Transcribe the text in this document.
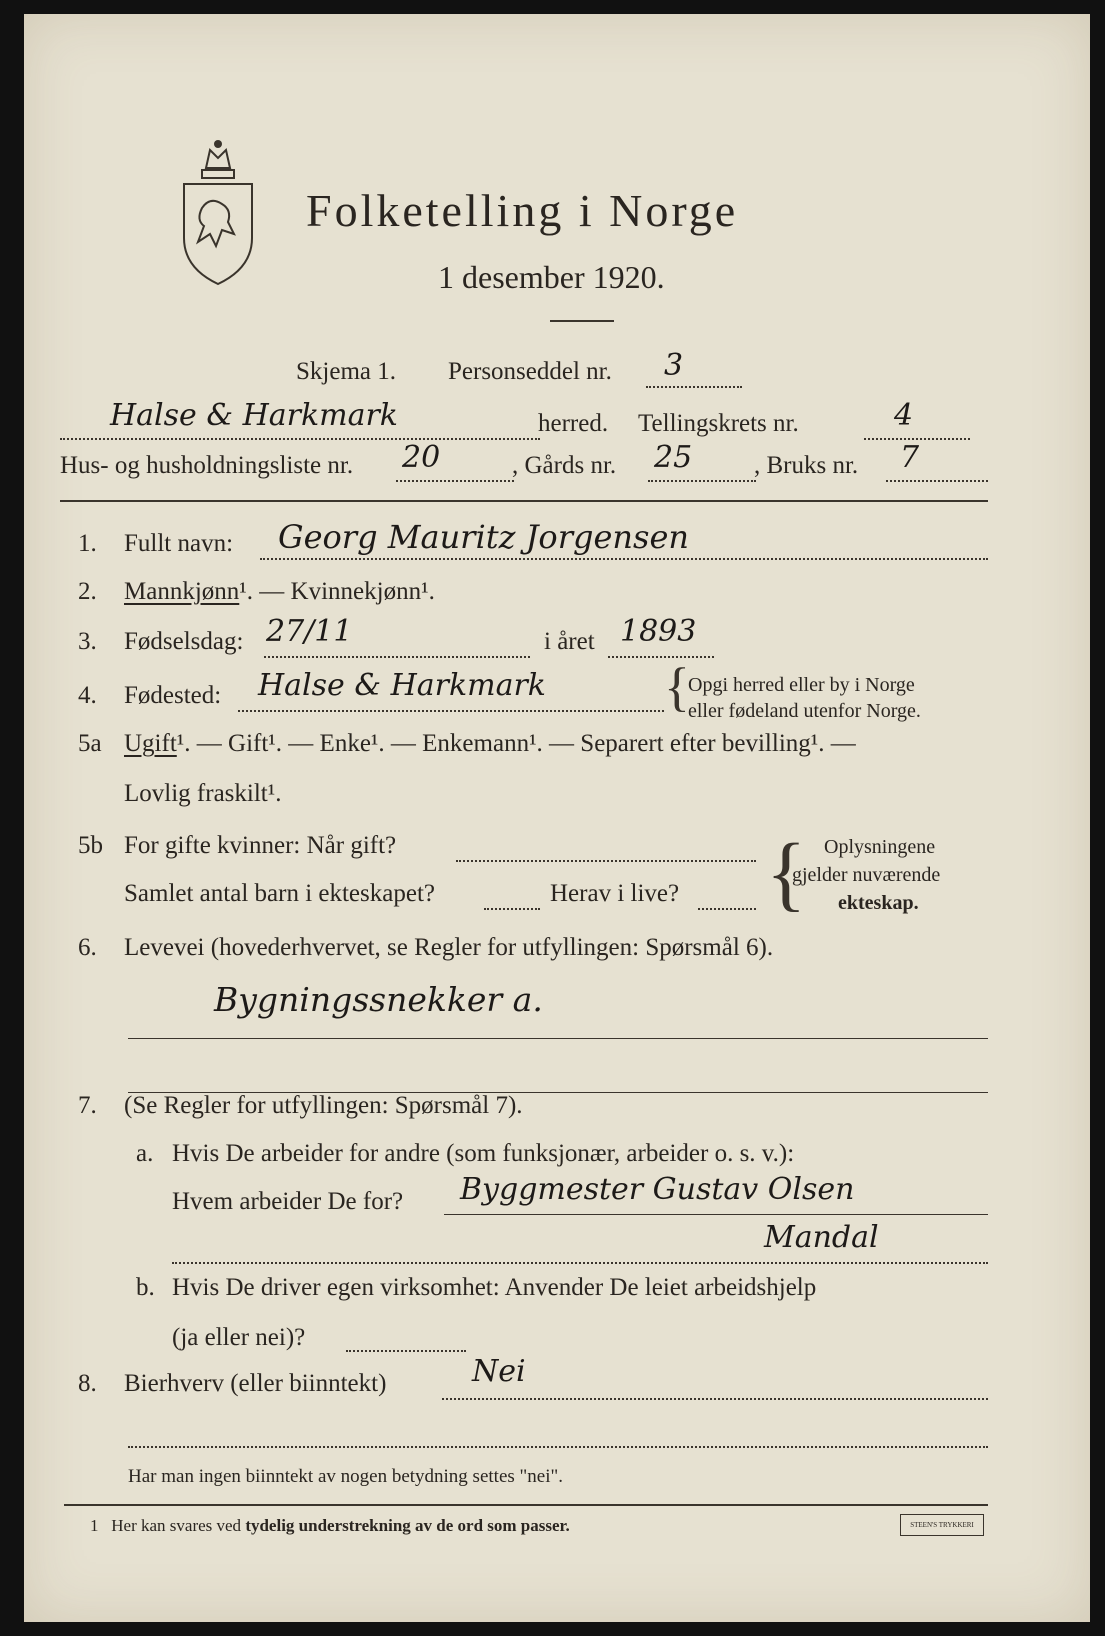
Folketelling i Norge
1 desember 1920.
Skjema 1. Personseddel nr. 3
Halse & Harkmark	herred. Tellingskrets nr.	4
Hus- og husholdningsliste nr. 20	, Gårds nr. 25 , Bruks nr. 7
1. Fullt navn: Georg Mauritz Jorgensen
2. Mannkjønn¹. — Kvinnekjønn¹.
3. Fødselsdag: 27/11	i året 1893
4. Fødested: Halse & Harkmark {
Opgi herred eller by i Norge
eller fødeland utenfor Norge.
5a Ugift¹. — Gift¹. — Enke¹. — Enkemann¹. — Separert efter bevilling¹. —
Lovlig fraskilt¹.
5b For gifte kvinner: Når gift?
Samlet antal barn i ekteskapet?	Herav i live? { Oplysningene
gjelder nuværende
ekteskap.
6. Levevei (hovederhvervet, se Regler for utfyllingen: Spørsmål 6).
Bygningssnekker a.
7. (Se Regler for utfyllingen: Spørsmål 7).
a. Hvis De arbeider for andre (som funksjonær, arbeider o. s. v.):
Hvem arbeider De for? Byggmester Gustav Olsen
Mandal
b. Hvis De driver egen virksomhet: Anvender De leiet arbeidshjelp
(ja eller nei)?
8. Bierhverv (eller biinntekt)	Nei
Har man ingen biinntekt av nogen betydning settes "nei".
1 Her kan svares ved tydelig understrekning av de ord som passer.	STEEN'S TRYKKERI
